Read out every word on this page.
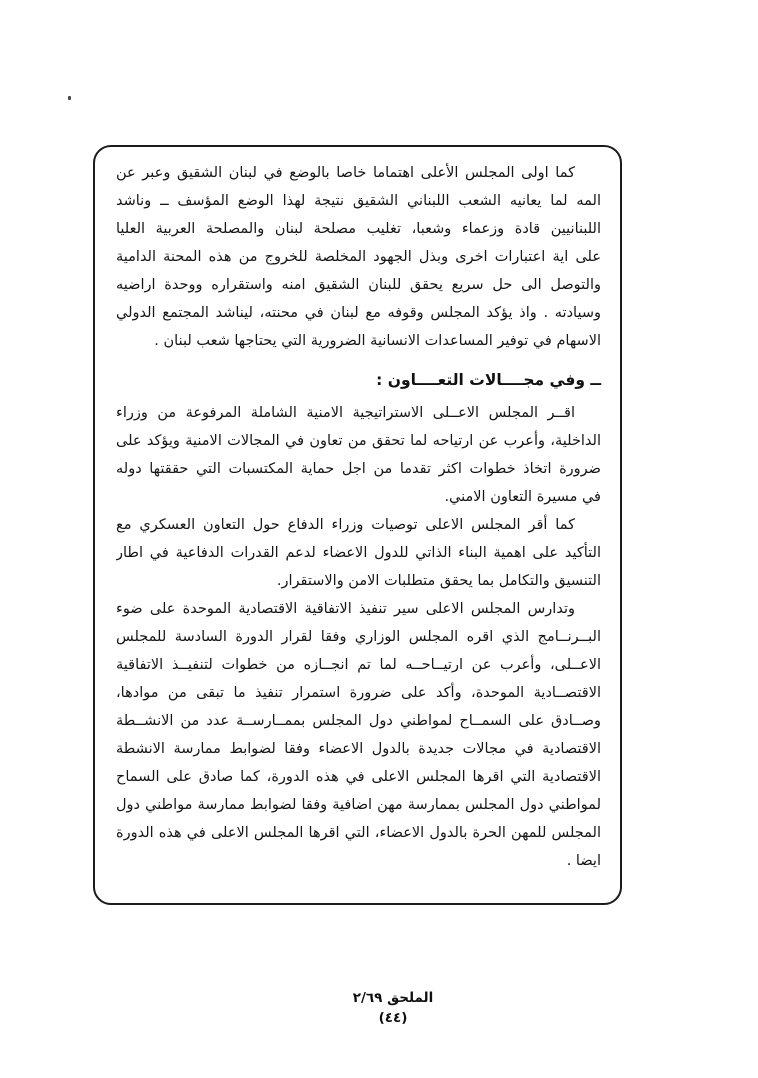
كما اولى المجلس الأعلى اهتماما خاصا بالوضع في لبنان الشقيق وعبر عن
المه لما يعانيه الشعب اللبناني الشقيق نتيجة لهذا الوضع المؤسف ــ وناشد
اللبنانيين قادة وزعماء وشعبا، تغليب مصلحة لبنان والمصلحة العربية العليا
على اية اعتبارات اخرى وبذل الجهود المخلصة للخروج من هذه المحنة الدامية
والتوصل الى حل سريع يحقق للبنان الشقيق امنه واستقراره ووحدة اراضيه
وسيادته . واذ يؤكد المجلس وقوفه مع لبنان في محنته، ليناشد المجتمع الدولي
الاسهام في توفير المساعدات الانسانية الضرورية التي يحتاجها شعب لبنان .
ــ وفي مجــــالات التعــــاون :
اقــر المجلس الاعــلى الاستراتيجية الامنية الشاملة المرفوعة من وزراء
الداخلية، وأعرب عن ارتياحه لما تحقق من تعاون في المجالات الامنية ويؤكد على
ضرورة اتخاذ خطوات اكثر تقدما من اجل حماية المكتسبات التي حققتها دوله
في مسيرة التعاون الامني.
كما أقر المجلس الاعلى توصيات وزراء الدفاع حول التعاون العسكري مع
التأكيد على اهمية البناء الذاتي للدول الاعضاء لدعم القدرات الدفاعية في اطار
التنسيق والتكامل بما يحقق متطلبات الامن والاستقرار.
وتدارس المجلس الاعلى سير تنفيذ الاتفاقية الاقتصادية الموحدة على ضوء
البــرنــامج الذي اقره المجلس الوزاري وفقا لقرار الدورة السادسة للمجلس
الاعــلى، وأعرب عن ارتيــاحــه لما تم انجــازه من خطوات لتنفيــذ الاتفاقية
الاقتصــادية الموحدة، وأكد على ضرورة استمرار تنفيذ ما تبقى من موادها،
وصــادق على السمــاح لمواطني دول المجلس بممــارســة عدد من الانشــطة
الاقتصادية في مجالات جديدة بالدول الاعضاء وفقا لضوابط ممارسة الانشطة
الاقتصادية التي اقرها المجلس الاعلى في هذه الدورة، كما صادق على السماح
لمواطني دول المجلس بممارسة مهن اضافية وفقا لضوابط ممارسة مواطني دول
المجلس للمهن الحرة بالدول الاعضاء، التي اقرها المجلس الاعلى في هذه الدورة
ايضا .
الملحق ٢/٦٩
(٤٤)
